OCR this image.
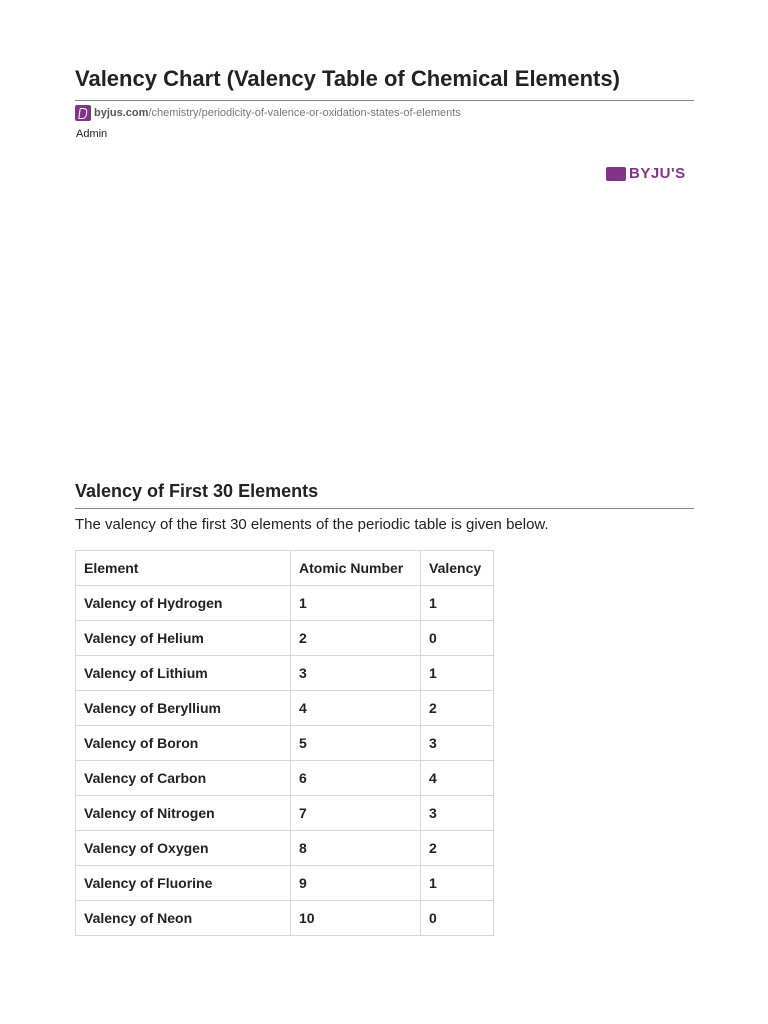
Valency Chart (Valency Table of Chemical Elements)
byjus.com /chemistry/periodicity-of-valence-or-oxidation-states-of-elements
Admin
BYJU'S
Valency of First 30 Elements

The valency of the first 30 elements of the periodic table is given below.

Element	Atomic Number	Valency
Valency of Hydrogen	1	1
Valency of Helium	2	0
Valency of Lithium	3	1
Valency of Beryllium	4	2
Valency of Boron	5	3
Valency of Carbon	6	4
Valency of Nitrogen	7	3
Valency of Oxygen	8	2
Valency of Fluorine	9	1
Valency of Neon	10	0
